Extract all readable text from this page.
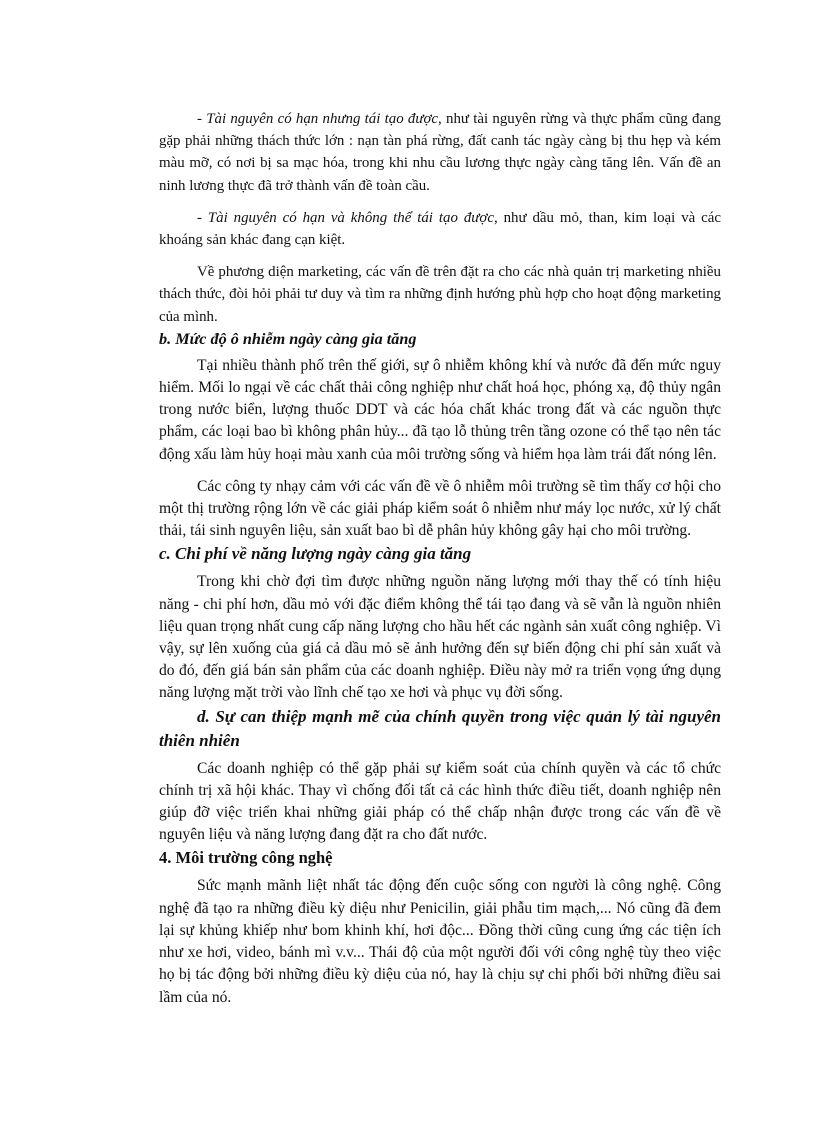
- Tài nguyên có hạn nhưng tái tạo được, như tài nguyên rừng và thực phẩm cũng đang gặp phải những thách thức lớn : nạn tàn phá rừng, đất canh tác ngày càng bị thu hẹp và kém màu mỡ, có nơi bị sa mạc hóa, trong khi nhu cầu lương thực ngày càng tăng lên. Vấn đề an ninh lương thực đã trở thành vấn đề toàn cầu.

- Tài nguyên có hạn và không thể tái tạo được, như dầu mỏ, than, kim loại và các khoáng sản khác đang cạn kiệt.

Về phương diện marketing, các vấn đề trên đặt ra cho các nhà quản trị marketing nhiều thách thức, đòi hỏi phải tư duy và tìm ra những định hướng phù hợp cho hoạt động marketing của mình.

b. Mức độ ô nhiễm ngày càng gia tăng

Tại nhiều thành phố trên thế giới, sự ô nhiễm không khí và nước đã đến mức nguy hiểm. Mối lo ngại về các chất thải công nghiệp như chất hoá học, phóng xạ, độ thủy ngân trong nước biển, lượng thuốc DDT và các hóa chất khác trong đất và các nguồn thực phẩm, các loại bao bì không phân hủy... đã tạo lỗ thủng trên tầng ozone có thể tạo nên tác động xấu làm hủy hoại màu xanh của môi trường sống và hiểm họa làm trái đất nóng lên.

Các công ty nhạy cảm với các vấn đề về ô nhiễm môi trường sẽ tìm thấy cơ hội cho một thị trường rộng lớn về các giải pháp kiểm soát ô nhiễm như máy lọc nước, xử lý chất thải, tái sinh nguyên liệu, sản xuất bao bì dễ phân hủy không gây hại cho môi trường.

c. Chi phí về năng lượng ngày càng gia tăng

Trong khi chờ đợi tìm được những nguồn năng lượng mới thay thế có tính hiệu năng - chi phí hơn, dầu mỏ với đặc điểm không thể tái tạo đang và sẽ vẫn là nguồn nhiên liệu quan trọng nhất cung cấp năng lượng cho hầu hết các ngành sản xuất công nghiệp. Vì vậy, sự lên xuống của giá cả dầu mỏ sẽ ảnh hưởng đến sự biến động chi phí sản xuất và do đó, đến giá bán sản phẩm của các doanh nghiệp. Điều này mở ra triển vọng ứng dụng năng lượng mặt trời vào lĩnh chế tạo xe hơi và phục vụ đời sống.

d. Sự can thiệp mạnh mẽ của chính quyền trong việc quản lý tài nguyên thiên nhiên

Các doanh nghiệp có thể gặp phải sự kiểm soát của chính quyền và các tổ chức chính trị xã hội khác. Thay vì chống đối tất cả các hình thức điều tiết, doanh nghiệp nên giúp đỡ việc triển khai những giải pháp có thể chấp nhận được trong các vấn đề về nguyên liệu và năng lượng đang đặt ra cho đất nước.

4. Môi trường công nghệ

Sức mạnh mãnh liệt nhất tác động đến cuộc sống con người là công nghệ. Công nghệ đã tạo ra những điều kỳ diệu như Penicilin, giải phẫu tim mạch,... Nó cũng đã đem lại sự khủng khiếp như bom khinh khí, hơi độc... Đồng thời cũng cung ứng các tiện ích như xe hơi, video, bánh mì v.v... Thái độ của một người đối với công nghệ tùy theo việc họ bị tác động bởi những điều kỳ diệu của nó, hay là chịu sự chi phối bởi những điều sai lầm của nó.
